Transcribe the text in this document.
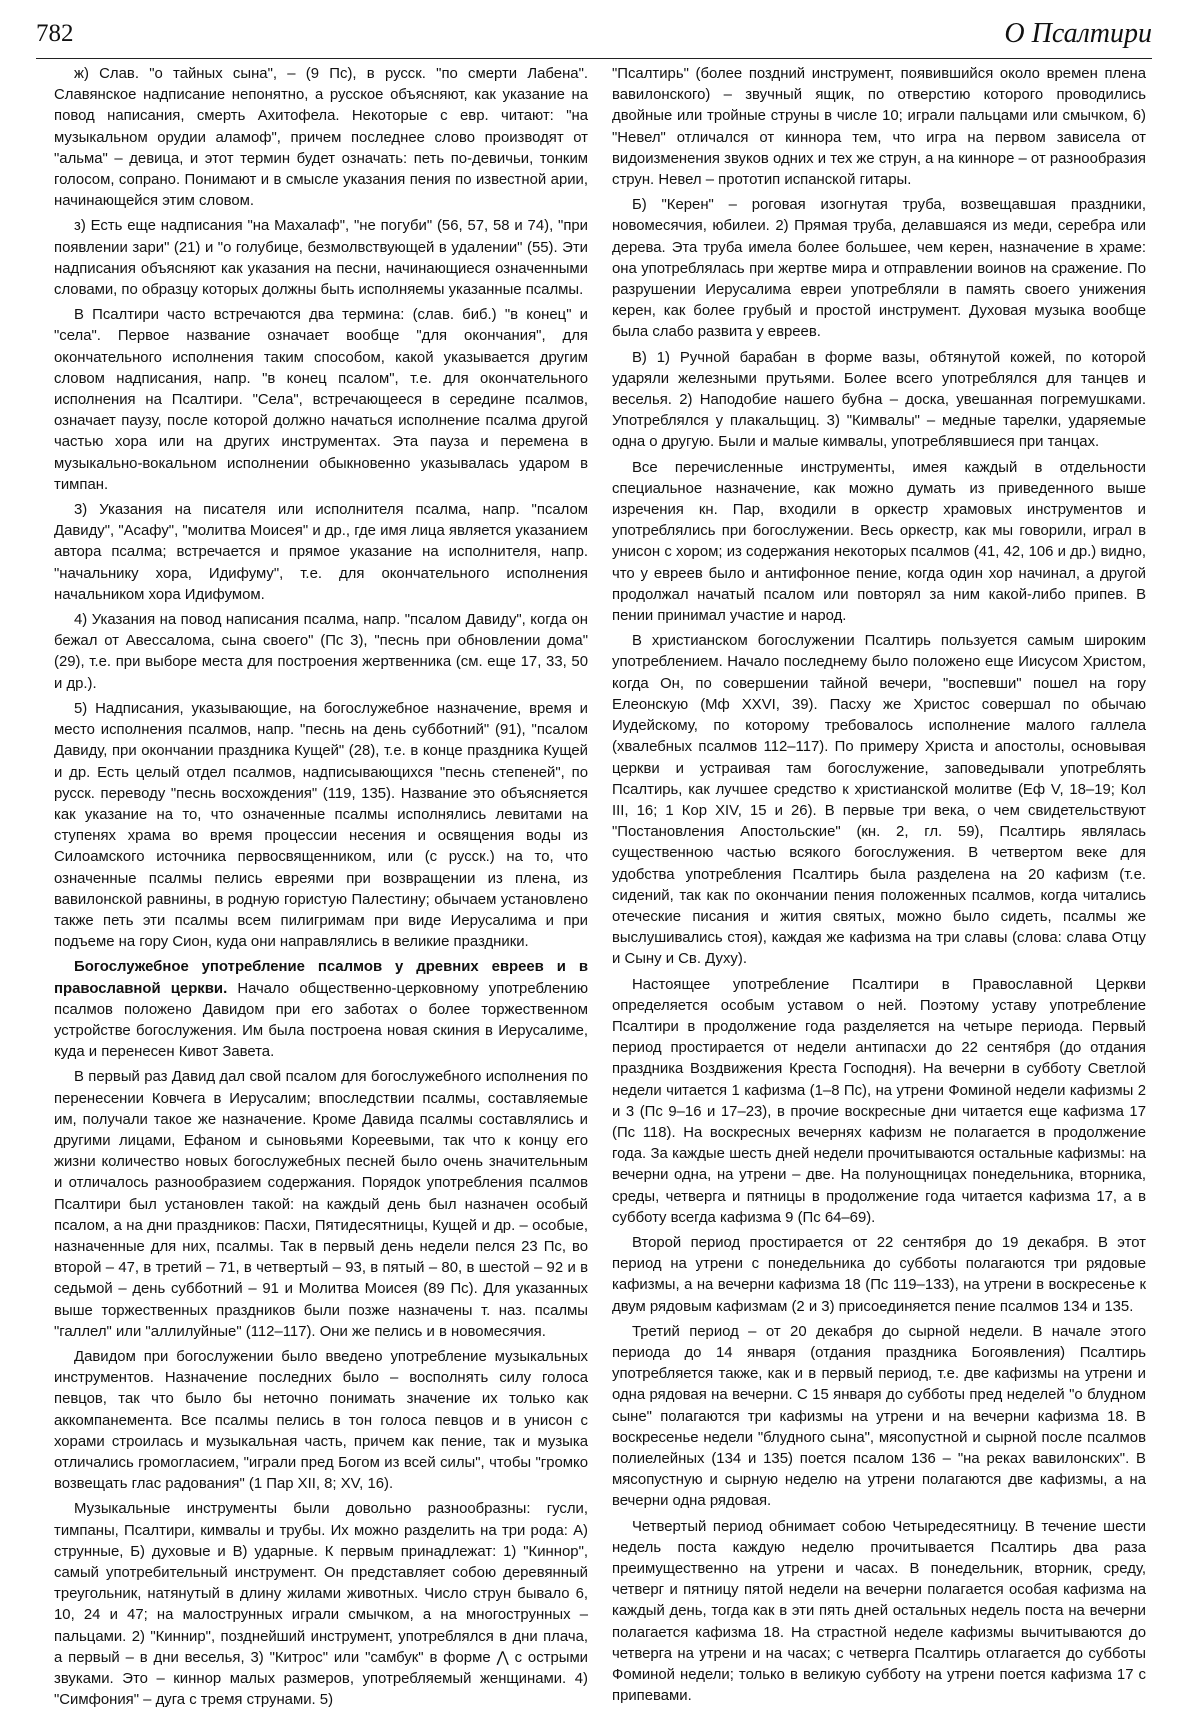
782	О Псалтири

ж) Слав. "о тайных сына", – (9 Пс), в русск. "по смерти Лабена". Славянское надписание непонятно, а русское объясняют, как указание на повод написания, смерть Ахитофела. Некоторые с евр. читают: "на музыкальном орудии аламоф", причем последнее слово производят от "альма" – девица, и этот термин будет означать: петь по-девичьи, тонким голосом, сопрано. Понимают и в смысле указания пения по известной арии, начинающейся этим словом.

з) Есть еще надписания "на Махалаф", "не погуби" (56, 57, 58 и 74), "при появлении зари" (21) и "о голубице, безмолвствующей в удалении" (55). Эти надписания объясняют как указания на песни, начинающиеся означенными словами, по образцу которых должны быть исполняемы указанные псалмы.

В Псалтири часто встречаются два термина: (слав. биб.) "в конец" и "села". Первое название означает вообще "для окончания", для окончательного исполнения таким способом, какой указывается другим словом надписания, напр. "в конец псалом", т.е. для окончательного исполнения на Псалтири. "Села", встречающееся в середине псалмов, означает паузу, после которой должно начаться исполнение псалма другой частью хора или на других инструментах. Эта пауза и перемена в музыкально-вокальном исполнении обыкновенно указывалась ударом в тимпан.

3) Указания на писателя или исполнителя псалма, напр. "псалом Давиду", "Асафу", "молитва Моисея" и др., где имя лица является указанием автора псалма; встречается и прямое указание на исполнителя, напр. "начальнику хора, Идифуму", т.е. для окончательного исполнения начальником хора Идифумом.

4) Указания на повод написания псалма, напр. "псалом Давиду", когда он бежал от Авессалома, сына своего" (Пс 3), "песнь при обновлении дома" (29), т.е. при выборе места для построения жертвенника (см. еще 17, 33, 50 и др.).

5) Надписания, указывающие, на богослужебное назначение, время и место исполнения псалмов, напр. "песнь на день субботний" (91), "псалом Давиду, при окончании праздника Кущей" (28), т.е. в конце праздника Кущей и др. Есть целый отдел псалмов, надписывающихся "песнь степеней", по русск. переводу "песнь восхождения" (119, 135). Название это объясняется как указание на то, что означенные псалмы исполнялись левитами на ступенях храма во время процессии несения и освящения воды из Силоамского источника первосвященником, или (с русск.) на то, что означенные псалмы пелись евреями при возвращении из плена, из вавилонской равнины, в родную гористую Палестину; обычаем установлено также петь эти псалмы всем пилигримам при виде Иерусалима и при подъеме на гору Сион, куда они направлялись в великие праздники.

Богослужебное употребление псалмов у древних евреев и в православной церкви. Начало общественно-церковному употреблению псалмов положено Давидом при его заботах о более торжественном устройстве богослужения. Им была построена новая скиния в Иерусалиме, куда и перенесен Кивот Завета.

В первый раз Давид дал свой псалом для богослужебного исполнения по перенесении Ковчега в Иерусалим; впоследствии псалмы, составляемые им, получали такое же назначение. Кроме Давида псалмы составлялись и другими лицами, Ефаном и сыновьями Кореевыми, так что к концу его жизни количество новых богослужебных песней было очень значительным и отличалось разнообразием содержания. Порядок употребления псалмов Псалтири был установлен такой: на каждый день был назначен особый псалом, а на дни праздников: Пасхи, Пятидесятницы, Кущей и др. – особые, назначенные для них, псалмы. Так в первый день недели пелся 23 Пс, во второй – 47, в третий – 71, в четвертый – 93, в пятый – 80, в шестой – 92 и в седьмой – день субботний – 91 и Молитва Моисея (89 Пс). Для указанных выше торжественных праздников были позже назначены т. наз. псалмы "галлел" или "аллилуйные" (112–117). Они же пелись и в новомесячия.

Давидом при богослужении было введено употребление музыкальных инструментов. Назначение последних было – восполнять силу голоса певцов, так что было бы неточно понимать значение их только как аккомпанемента. Все псалмы пелись в тон голоса певцов и в унисон с хорами строилась и музыкальная часть, причем как пение, так и музыка отличались громогласием, "играли пред Богом из всей силы", чтобы "громко возвещать глас радования" (1 Пар XII, 8; XV, 16).

Музыкальные инструменты были довольно разнообразны: гусли, тимпаны, Псалтири, кимвалы и трубы. Их можно разделить на три рода: А) струнные, Б) духовые и В) ударные. К первым принадлежат: 1) "Киннор", самый употребительный инструмент. Он представляет собою деревянный треугольник, натянутый в длину жилами животных. Число струн бывало 6, 10, 24 и 47; на малострунных играли смычком, а на многострунных – пальцами. 2) "Киннир", позднейший инструмент, употреблялся в дни плача, а первый – в дни веселья, 3) "Китрос" или "самбук" в форме ⋀ с острыми звуками. Это – киннор малых размеров, употребляемый женщинами. 4) "Симфония" – дуга с тремя струнами. 5)

"Псалтирь" (более поздний инструмент, появившийся около времен плена вавилонского) – звучный ящик, по отверстию которого проводились двойные или тройные струны в числе 10; играли пальцами или смычком, 6) "Невел" отличался от киннора тем, что игра на первом зависела от видоизменения звуков одних и тех же струн, а на кинноре – от разнообразия струн. Невел – прототип испанской гитары.

Б) "Керен" – роговая изогнутая труба, возвещавшая праздники, новомесячия, юбилеи. 2) Прямая труба, делавшаяся из меди, серебра или дерева. Эта труба имела более большее, чем керен, назначение в храме: она употреблялась при жертве мира и отправлении воинов на сражение. По разрушении Иерусалима евреи употребляли в память своего унижения керен, как более грубый и простой инструмент. Духовая музыка вообще была слабо развита у евреев.

В) 1) Ручной барабан в форме вазы, обтянутой кожей, по которой ударяли железными прутьями. Более всего употреблялся для танцев и веселья. 2) Наподобие нашего бубна – доска, увешанная погремушками. Употреблялся у плакальщиц. 3) "Кимвалы" – медные тарелки, ударяемые одна о другую. Были и малые кимвалы, употреблявшиеся при танцах.

Все перечисленные инструменты, имея каждый в отдельности специальное назначение, как можно думать из приведенного выше изречения кн. Пар, входили в оркестр храмовых инструментов и употреблялись при богослужении. Весь оркестр, как мы говорили, играл в унисон с хором; из содержания некоторых псалмов (41, 42, 106 и др.) видно, что у евреев было и антифонное пение, когда один хор начинал, а другой продолжал начатый псалом или повторял за ним какой-либо припев. В пении принимал участие и народ.

В христианском богослужении Псалтирь пользуется самым широким употреблением. Начало последнему было положено еще Иисусом Христом, когда Он, по совершении тайной вечери, "воспевши" пошел на гору Елеонскую (Мф XXVI, 39). Пасху же Христос совершал по обычаю Иудейскому, по которому требовалось исполнение малого галлела (хвалебных псалмов 112–117). По примеру Христа и апостолы, основывая церкви и устраивая там богослужение, заповедывали употреблять Псалтирь, как лучшее средство к христианской молитве (Еф V, 18–19; Кол III, 16; 1 Кор XIV, 15 и 26). В первые три века, о чем свидетельствуют "Постановления Апостольские" (кн. 2, гл. 59), Псалтирь являлась существенною частью всякого богослужения. В четвертом веке для удобства употребления Псалтирь была разделена на 20 кафизм (т.е. сидений, так как по окончании пения положенных псалмов, когда читались отеческие писания и жития святых, можно было сидеть, псалмы же выслушивались стоя), каждая же кафизма на три славы (слова: слава Отцу и Сыну и Св. Духу).

Настоящее употребление Псалтири в Православной Церкви определяется особым уставом о ней. Поэтому уставу употребление Псалтири в продолжение года разделяется на четыре периода. Первый период простирается от недели антипасхи до 22 сентября (до отдания праздника Воздвижения Креста Господня). На вечерни в субботу Светлой недели читается 1 кафизма (1–8 Пс), на утрени Фоминой недели кафизмы 2 и 3 (Пс 9–16 и 17–23), в прочие воскресные дни читается еще кафизма 17 (Пс 118). На воскресных вечернях кафизм не полагается в продолжение года. За каждые шесть дней недели прочитываются остальные кафизмы: на вечерни одна, на утрени – две. На полунощницах понедельника, вторника, среды, четверга и пятницы в продолжение года читается кафизма 17, а в субботу всегда кафизма 9 (Пс 64–69).

Второй период простирается от 22 сентября до 19 декабря. В этот период на утрени с понедельника до субботы полагаются три рядовые кафизмы, а на вечерни кафизма 18 (Пс 119–133), на утрени в воскресенье к двум рядовым кафизмам (2 и 3) присоединяется пение псалмов 134 и 135.

Третий период – от 20 декабря до сырной недели. В начале этого периода до 14 января (отдания праздника Богоявления) Псалтирь употребляется также, как и в первый период, т.е. две кафизмы на утрени и одна рядовая на вечерни. С 15 января до субботы пред неделей "о блудном сыне" полагаются три кафизмы на утрени и на вечерни кафизма 18. В воскресенье недели "блудного сына", мясопустной и сырной после псалмов полиелейных (134 и 135) поется псалом 136 – "на реках вавилонских". В мясопустную и сырную неделю на утрени полагаются две кафизмы, а на вечерни одна рядовая.

Четвертый период обнимает собою Четыредесятницу. В течение шести недель поста каждую неделю прочитывается Псалтирь два раза преимущественно на утрени и часах. В понедельник, вторник, среду, четверг и пятницу пятой недели на вечерни полагается особая кафизма на каждый день, тогда как в эти пять дней остальных недель поста на вечерни полагается кафизма 18. На страстной неделе кафизмы вычитываются до четверга на утрени и на часах; с четверга Псалтирь отлагается до субботы Фоминой недели; только в великую субботу на утрени поется кафизма 17 с припевами.
